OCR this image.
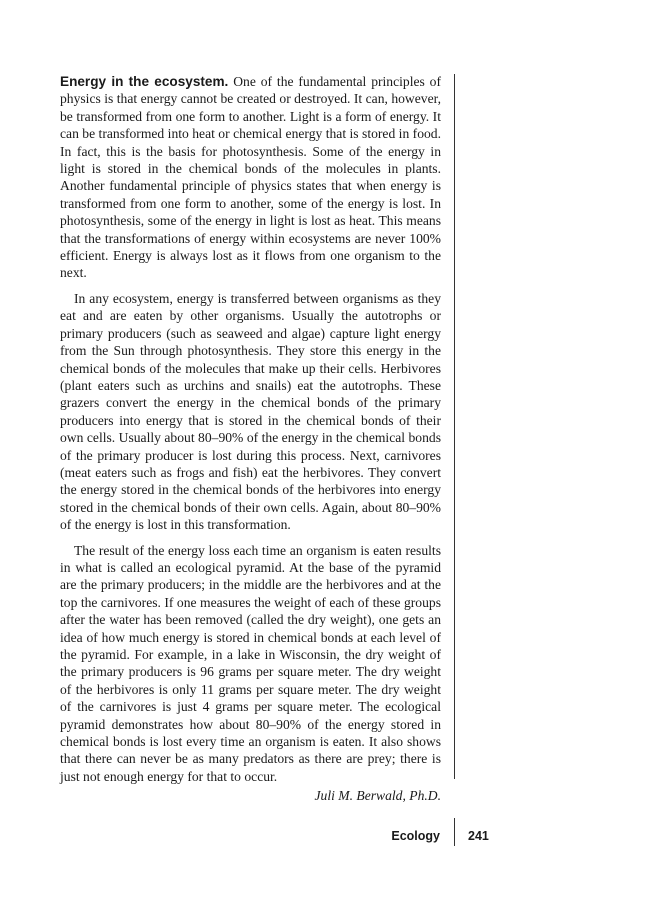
Energy in the ecosystem. One of the fundamental principles of physics is that energy cannot be created or destroyed. It can, however, be transformed from one form to another. Light is a form of energy. It can be transformed into heat or chemical energy that is stored in food. In fact, this is the basis for photosynthesis. Some of the energy in light is stored in the chemical bonds of the molecules in plants. Another fundamental principle of physics states that when energy is transformed from one form to another, some of the energy is lost. In photosynthesis, some of the energy in light is lost as heat. This means that the transformations of energy within ecosystems are never 100% efficient. Energy is always lost as it flows from one organism to the next.

In any ecosystem, energy is transferred between organisms as they eat and are eaten by other organisms. Usually the autotrophs or primary producers (such as seaweed and algae) capture light energy from the Sun through photosynthesis. They store this energy in the chemical bonds of the molecules that make up their cells. Herbivores (plant eaters such as urchins and snails) eat the autotrophs. These grazers convert the energy in the chemical bonds of the primary producers into energy that is stored in the chemical bonds of their own cells. Usually about 80–90% of the energy in the chemical bonds of the primary producer is lost during this process. Next, carnivores (meat eaters such as frogs and fish) eat the herbivores. They convert the energy stored in the chemical bonds of the herbivores into energy stored in the chemical bonds of their own cells. Again, about 80–90% of the energy is lost in this transformation.

The result of the energy loss each time an organism is eaten results in what is called an ecological pyramid. At the base of the pyramid are the primary producers; in the middle are the herbivores and at the top the carnivores. If one measures the weight of each of these groups after the water has been removed (called the dry weight), one gets an idea of how much energy is stored in chemical bonds at each level of the pyramid. For example, in a lake in Wisconsin, the dry weight of the primary producers is 96 grams per square meter. The dry weight of the herbivores is only 11 grams per square meter. The dry weight of the carnivores is just 4 grams per square meter. The ecological pyramid demonstrates how about 80–90% of the energy stored in chemical bonds is lost every time an organism is eaten. It also shows that there can never be as many predators as there are prey; there is just not enough energy for that to occur.

Juli M. Berwald, Ph.D.
Ecology 241
